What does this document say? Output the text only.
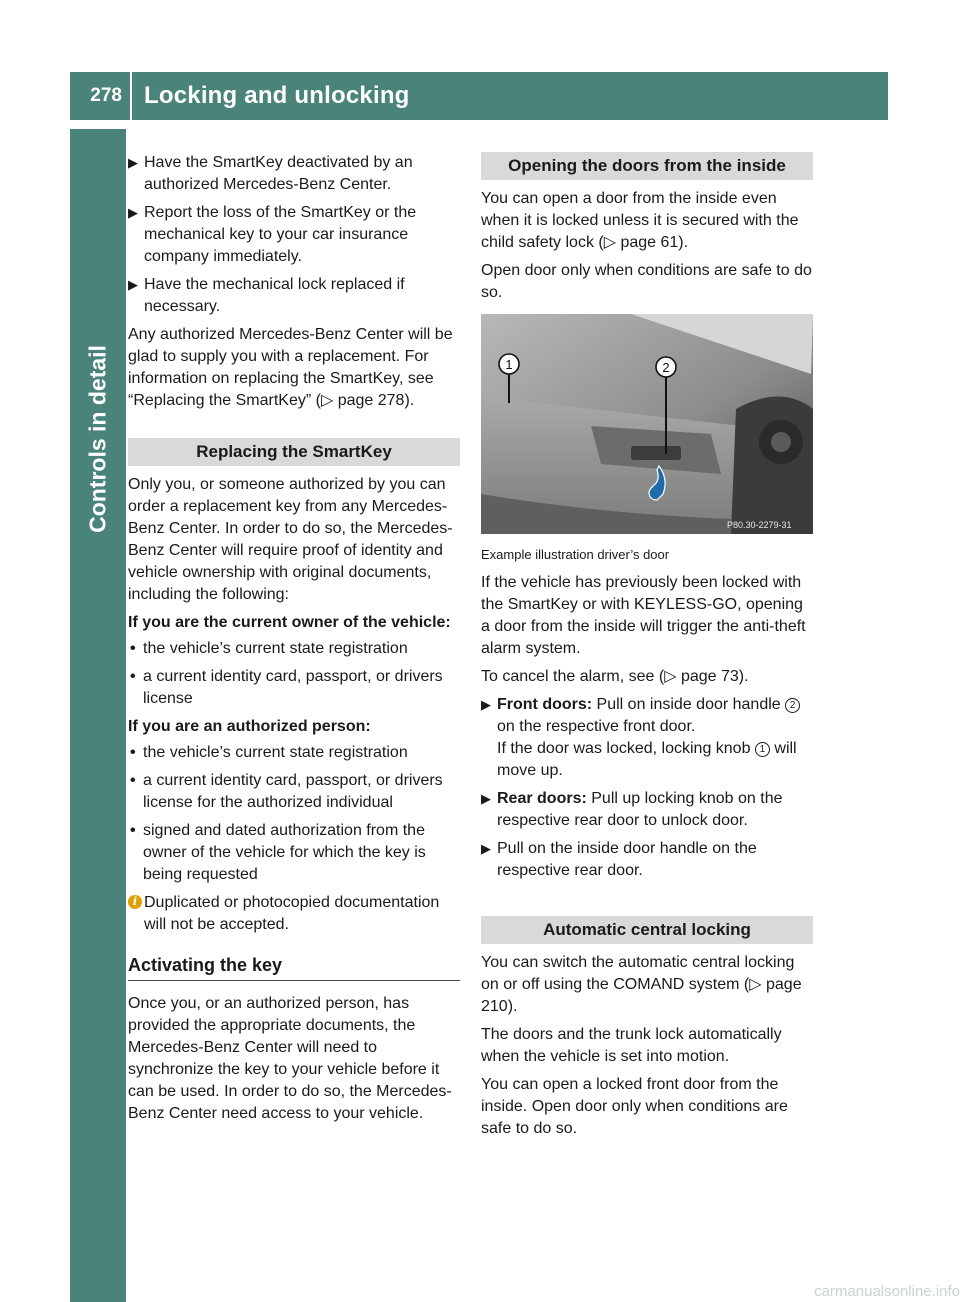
278 Locking and unlocking
Controls in detail
▶ Have the SmartKey deactivated by an authorized Mercedes-Benz Center.
▶ Report the loss of the SmartKey or the mechanical key to your car insurance company immediately.
▶ Have the mechanical lock replaced if necessary.

Any authorized Mercedes-Benz Center will be glad to supply you with a replacement. For information on replacing the SmartKey, see “Replacing the SmartKey” (▷ page 278).

Replacing the SmartKey

Only you, or someone authorized by you can order a replacement key from any Mercedes-Benz Center. In order to do so, the Mercedes-Benz Center will require proof of identity and vehicle ownership with original documents, including the following:

If you are the current owner of the vehicle:
• the vehicle’s current state registration
• a current identity card, passport, or drivers license
If you are an authorized person:
• the vehicle’s current state registration
• a current identity card, passport, or drivers license for the authorized individual
• signed and dated authorization from the owner of the vehicle for which the key is being requested
i Duplicated or photocopied documentation will not be accepted.
Activating the key

Once you, or an authorized person, has provided the appropriate documents, the Mercedes-Benz Center will need to synchronize the key to your vehicle before it can be used. In order to do so, the Mercedes-Benz Center need access to your vehicle.

Opening the doors from the inside

You can open a door from the inside even when it is locked unless it is secured with the child safety lock (▷ page 61).

Open door only when conditions are safe to do so.

1	2
P80.30-2279-31
Example illustration driver’s door

If the vehicle has previously been locked with the SmartKey or with KEYLESS-GO, opening a door from the inside will trigger the anti-theft alarm system.

To cancel the alarm, see (▷ page 73).

▶ Front doors: Pull on inside door handle 2 on the respective front door.
If the door was locked, locking knob 1 will move up.
▶ Rear doors: Pull up locking knob on the respective rear door to unlock door.
▶ Pull on the inside door handle on the respective rear door.
Automatic central locking

You can switch the automatic central locking on or off using the COMAND system (▷ page 210).

The doors and the trunk lock automatically when the vehicle is set into motion.

You can open a locked front door from the inside. Open door only when conditions are safe to do so.

carmanualsonline.info
